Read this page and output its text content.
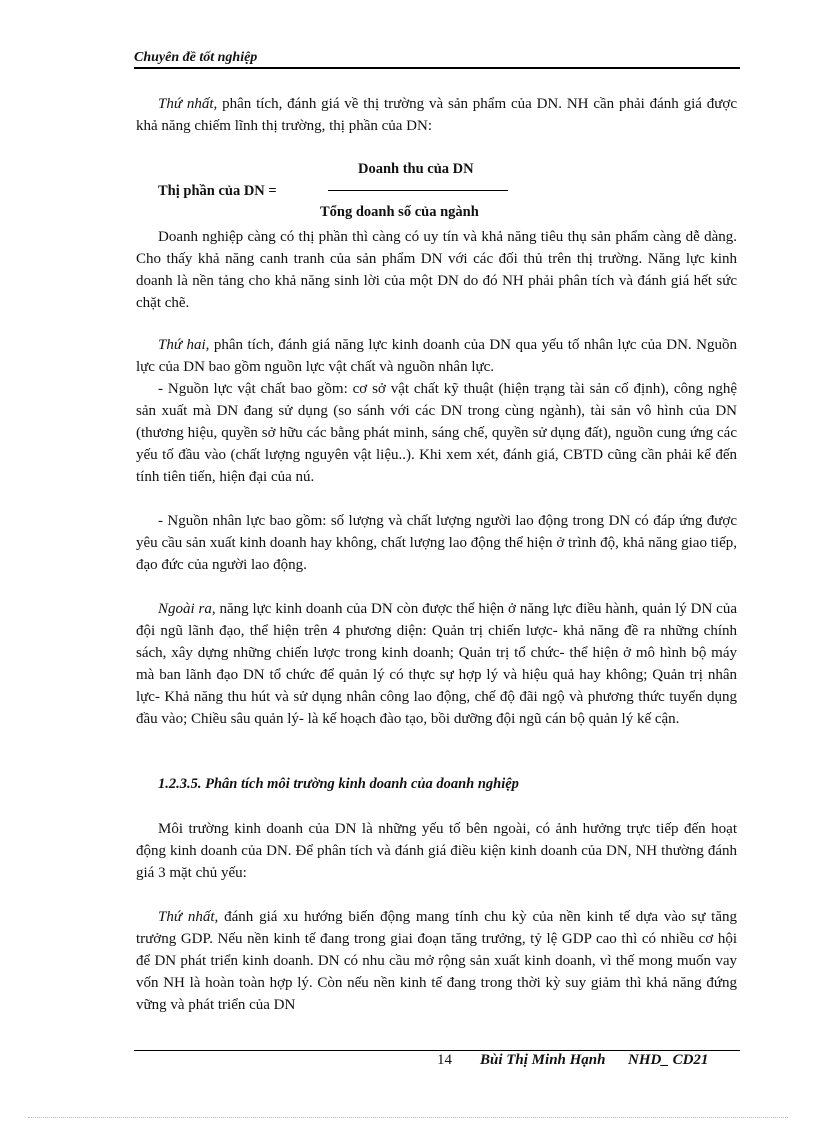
Chuyên đề tốt nghiệp

Thứ nhất, phân tích, đánh giá về thị trường và sản phẩm của DN. NH cần phải đánh giá được khả năng chiếm lĩnh thị trường, thị phần của DN:

Doanh thu của DN
Thị phần của DN =
Tổng doanh số của ngành

Doanh nghiệp càng có thị phần thì càng có uy tín và khả năng tiêu thụ sản phẩm càng dễ dàng. Cho thấy khả năng canh tranh của sản phẩm DN với các đối thủ trên thị trường. Năng lực kinh doanh là nền tảng cho khả năng sinh lời của một DN do đó NH phải phân tích và đánh giá hết sức chặt chẽ.

Thứ hai, phân tích, đánh giá năng lực kinh doanh của DN qua yếu tố nhân lực của DN. Nguồn lực của DN bao gồm nguồn lực vật chất và nguồn nhân lực.

- Nguồn lực vật chất bao gồm: cơ sở vật chất kỹ thuật (hiện trạng tài sản cố định), công nghệ sản xuất mà DN đang sử dụng (so sánh với các DN trong cùng ngành), tài sản vô hình của DN (thương hiệu, quyền sở hữu các bằng phát minh, sáng chế, quyền sử dụng đất), nguồn cung ứng các yếu tố đầu vào (chất lượng nguyên vật liệu..). Khi xem xét, đánh giá, CBTD cũng cần phải kể đến tính tiên tiến, hiện đại của nú.

- Nguồn nhân lực bao gồm: số lượng và chất lượng người lao động trong DN có đáp ứng được yêu cầu sản xuất kinh doanh hay không, chất lượng lao động thể hiện ở trình độ, khả năng giao tiếp, đạo đức của người lao động.

Ngoài ra, năng lực kinh doanh của DN còn được thể hiện ở năng lực điều hành, quản lý DN của đội ngũ lãnh đạo, thể hiện trên 4 phương diện: Quản trị chiến lược- khả năng đề ra những chính sách, xây dựng những chiến lược trong kinh doanh; Quản trị tổ chức- thể hiện ở mô hình bộ máy mà ban lãnh đạo DN tổ chức để quản lý có thực sự hợp lý và hiệu quả hay không; Quản trị nhân lực- Khả năng thu hút và sử dụng nhân công lao động, chế độ đãi ngộ và phương thức tuyển dụng đầu vào; Chiều sâu quản lý- là kế hoạch đào tạo, bồi dưỡng đội ngũ cán bộ quản lý kế cận.

1.2.3.5. Phân tích môi trường kinh doanh của doanh nghiệp

Môi trường kinh doanh của DN là những yếu tố bên ngoài, có ảnh hưởng trực tiếp đến hoạt động kinh doanh của DN. Để phân tích và đánh giá điều kiện kinh doanh của DN, NH thường đánh giá 3 mặt chủ yếu:

Thứ nhất, đánh giá xu hướng biến động mang tính chu kỳ của nền kinh tế dựa vào sự tăng trưởng GDP. Nếu nền kinh tế đang trong giai đoạn tăng trưởng, tỷ lệ GDP cao thì có nhiều cơ hội để DN phát triển kinh doanh. DN có nhu cầu mở rộng sản xuất kinh doanh, vì thế mong muốn vay vốn NH là hoàn toàn hợp lý. Còn nếu nền kinh tế đang trong thời kỳ suy giảm thì khả năng đứng vững và phát triển của DN

14 Bùi Thị Minh Hạnh NHD_ CD21
